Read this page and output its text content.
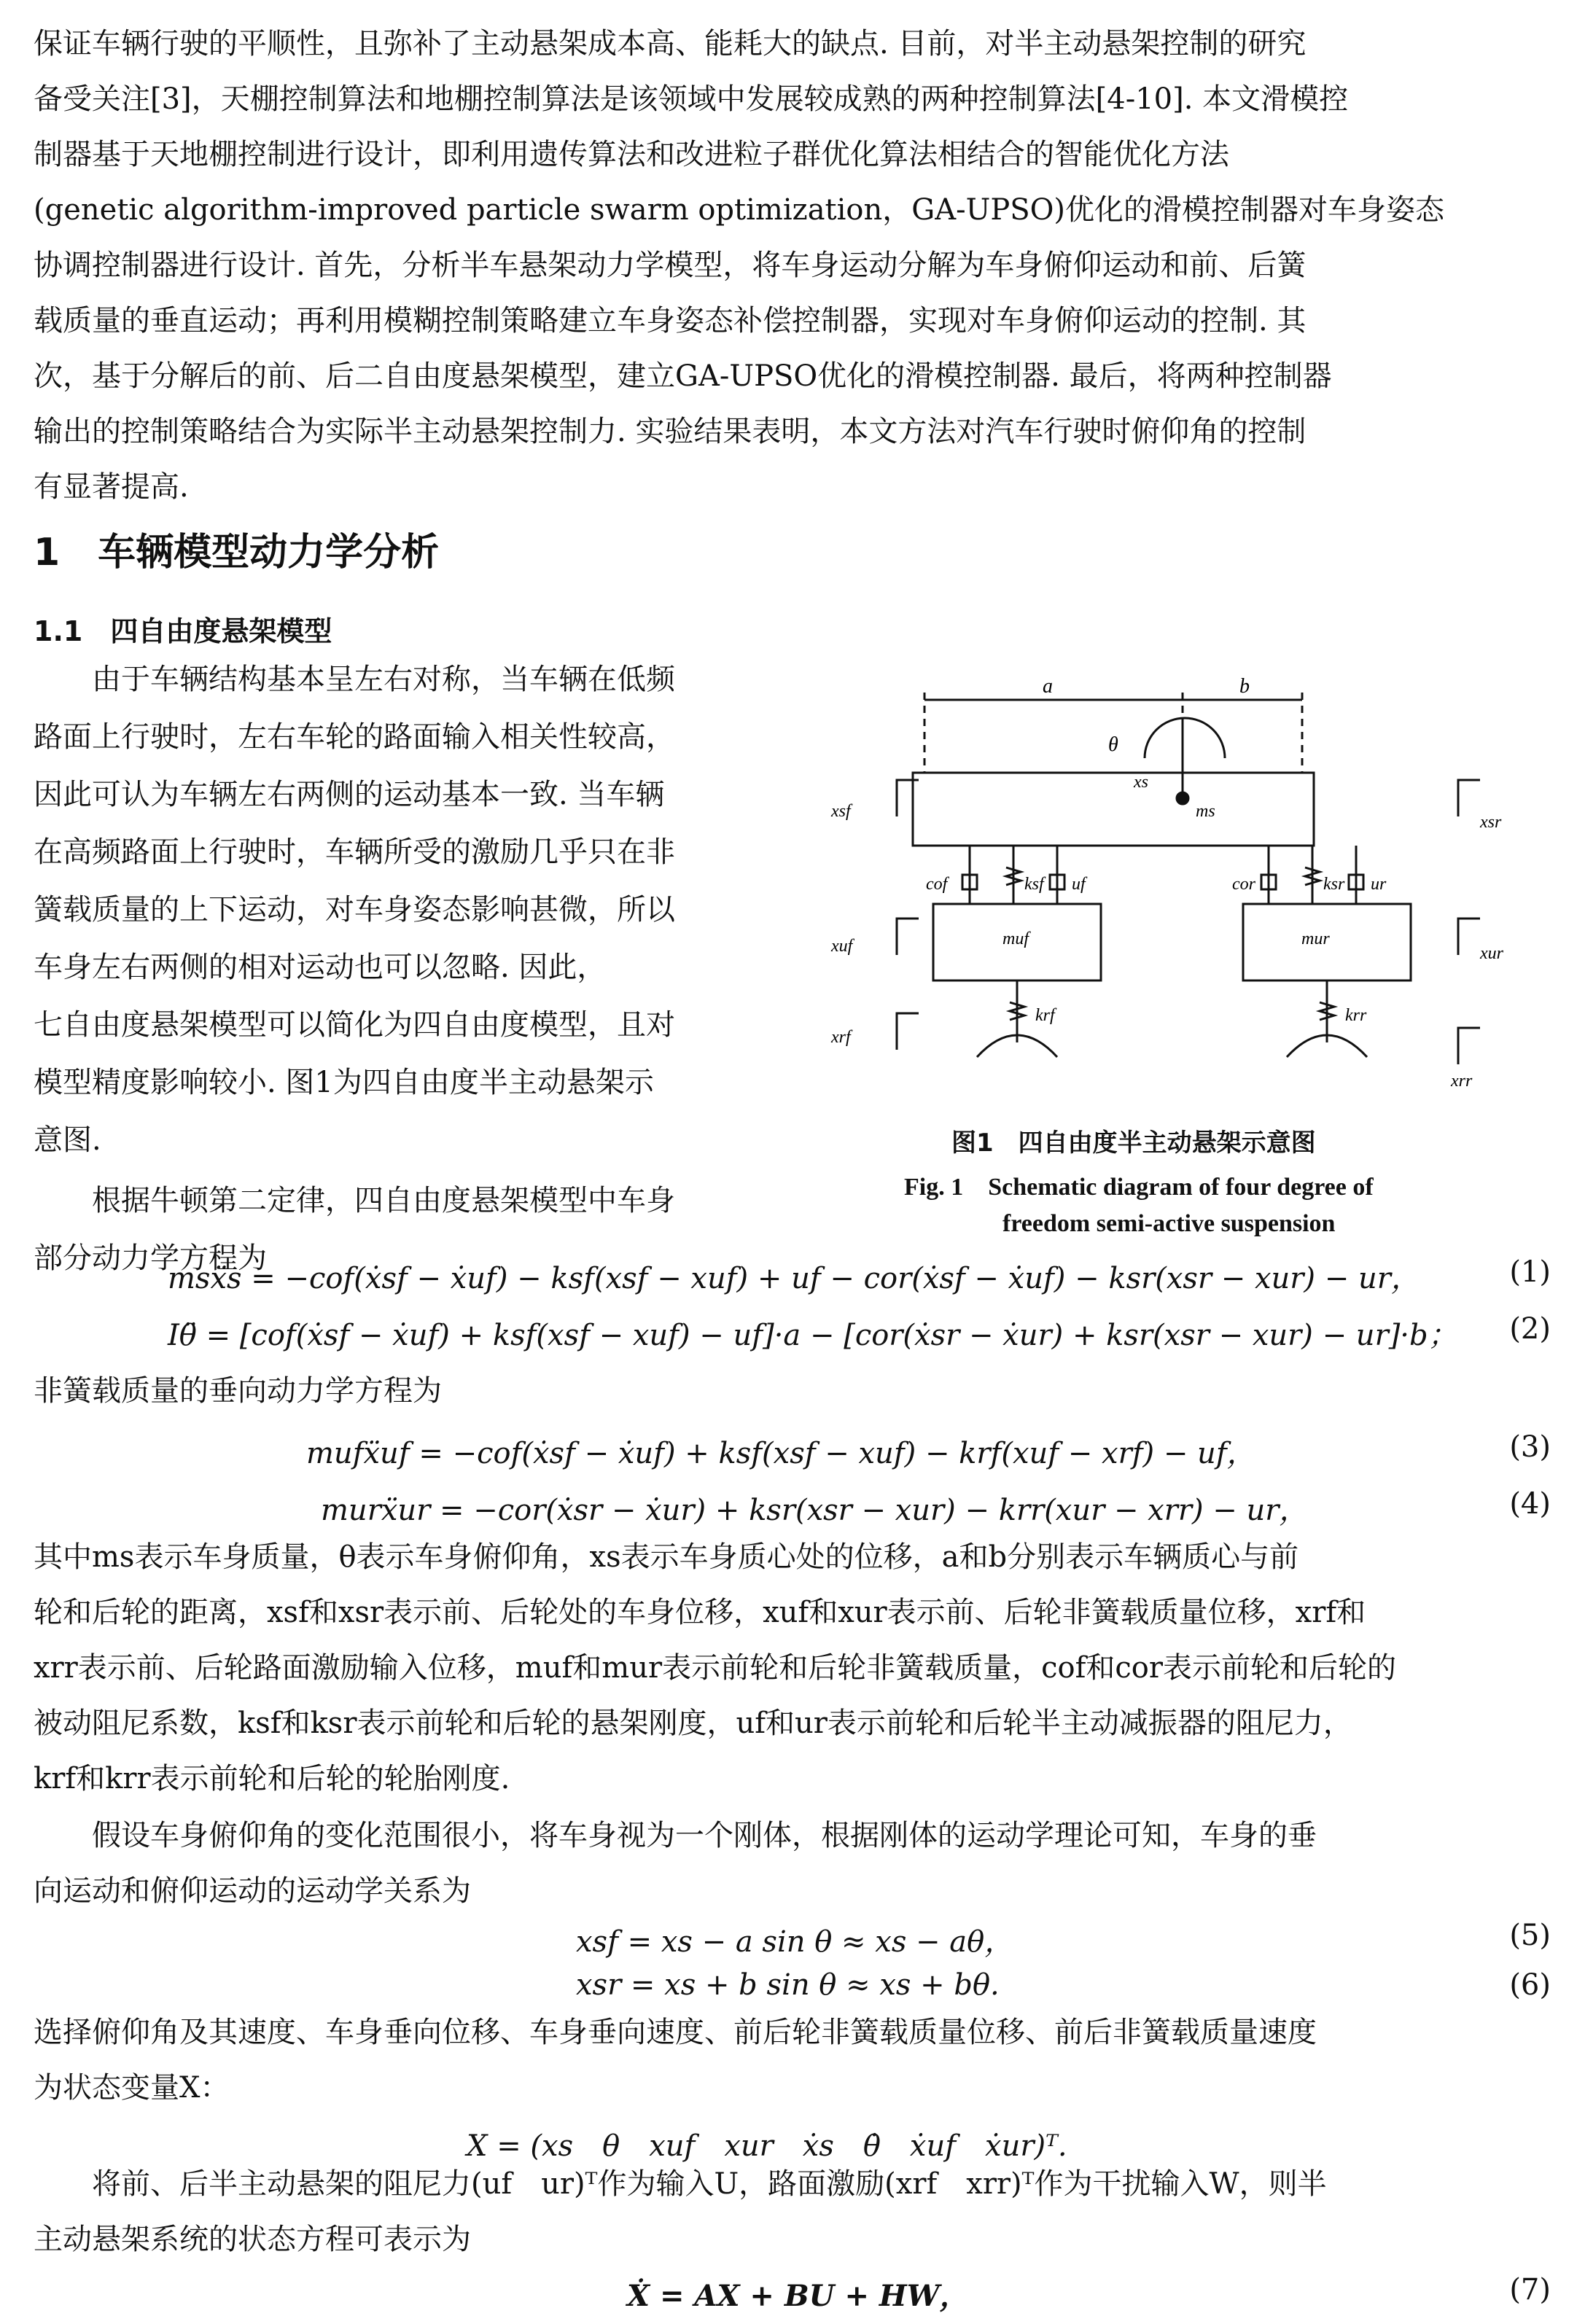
保证车辆行驶的平顺性，且弥补了主动悬架成本高、能耗大的缺点. 目前，对半主动悬架控制的研究
备受关注[3]，天棚控制算法和地棚控制算法是该领域中发展较成熟的两种控制算法[4-10]. 本文滑模控
制器基于天地棚控制进行设计，即利用遗传算法和改进粒子群优化算法相结合的智能优化方法
(genetic algorithm-improved particle swarm optimization，GA-UPSO)优化的滑模控制器对车身姿态
协调控制器进行设计. 首先，分析半车悬架动力学模型，将车身运动分解为车身俯仰运动和前、后簧
载质量的垂直运动；再利用模糊控制策略建立车身姿态补偿控制器，实现对车身俯仰运动的控制. 其
次，基于分解后的前、后二自由度悬架模型，建立GA-UPSO优化的滑模控制器. 最后，将两种控制器
输出的控制策略结合为实际半主动悬架控制力. 实验结果表明，本文方法对汽车行驶时俯仰角的控制
有显著提高.
1　车辆模型动力学分析
1.1　四自由度悬架模型
　　由于车辆结构基本呈左右对称，当车辆在低频
路面上行驶时，左右车轮的路面输入相关性较高，
因此可认为车辆左右两侧的运动基本一致. 当车辆
在高频路面上行驶时，车辆所受的激励几乎只在非
簧载质量的上下运动，对车身姿态影响甚微，所以
车身左右两侧的相对运动也可以忽略. 因此，
七自由度悬架模型可以简化为四自由度模型，且对
模型精度影响较小. 图1为四自由度半主动悬架示
意图.
　　根据牛顿第二定律，四自由度悬架模型中车身
部分动力学方程为
a	b
θ
xs
ms
xsf
xsr
cof	ksf uf	cor	ksr ur
muf	mur
xuf	xur
krf	krr
xrf
xrr
图1　四自由度半主动悬架示意图
Fig. 1　Schematic diagram of four degree of
freedom semi-active suspension
msẍs = −cof(ẋsf − ẋuf) − ksf(xsf − xuf) + uf − cor(ẋsf − ẋuf) − ksr(xsr − xur) − ur，	(1)
Iθ̈ = [cof(ẋsf − ẋuf) + ksf(xsf − xuf) − uf]·a − [cor(ẋsr − ẋur) + ksr(xsr − xur) − ur]·b； (2)
非簧载质量的垂向动力学方程为
mufẍuf = −cof(ẋsf − ẋuf) + ksf(xsf − xuf) − krf(xuf − xrf) − uf，	(3)
murẍur = −cor(ẋsr − ẋur) + ksr(xsr − xur) − krr(xur − xrr) − ur，	(4)
其中ms表示车身质量，θ表示车身俯仰角，xs表示车身质心处的位移，a和b分别表示车辆质心与前
轮和后轮的距离，xsf和xsr表示前、后轮处的车身位移，xuf和xur表示前、后轮非簧载质量位移，xrf和
xrr表示前、后轮路面激励输入位移，muf和mur表示前轮和后轮非簧载质量，cof和cor表示前轮和后轮的
被动阻尼系数，ksf和ksr表示前轮和后轮的悬架刚度，uf和ur表示前轮和后轮半主动减振器的阻尼力，
krf和krr表示前轮和后轮的轮胎刚度.
　　假设车身俯仰角的变化范围很小，将车身视为一个刚体，根据刚体的运动学理论可知，车身的垂
向运动和俯仰运动的运动学关系为
xsf = xs − a sin θ ≈ xs − aθ，	(5)
xsr = xs + b sin θ ≈ xs + bθ.	(6)
选择俯仰角及其速度、车身垂向位移、车身垂向速度、前后轮非簧载质量位移、前后非簧载质量速度
为状态变量X：
X = (xs　θ　xuf　xur　ẋs　θ̇　ẋuf　ẋur)ᵀ.
　　将前、后半主动悬架的阻尼力(uf　ur)ᵀ作为输入U，路面激励(xrf　xrr)ᵀ作为干扰输入W，则半
主动悬架系统的状态方程可表示为
Ẋ = AX + BU + HW，	(7)
